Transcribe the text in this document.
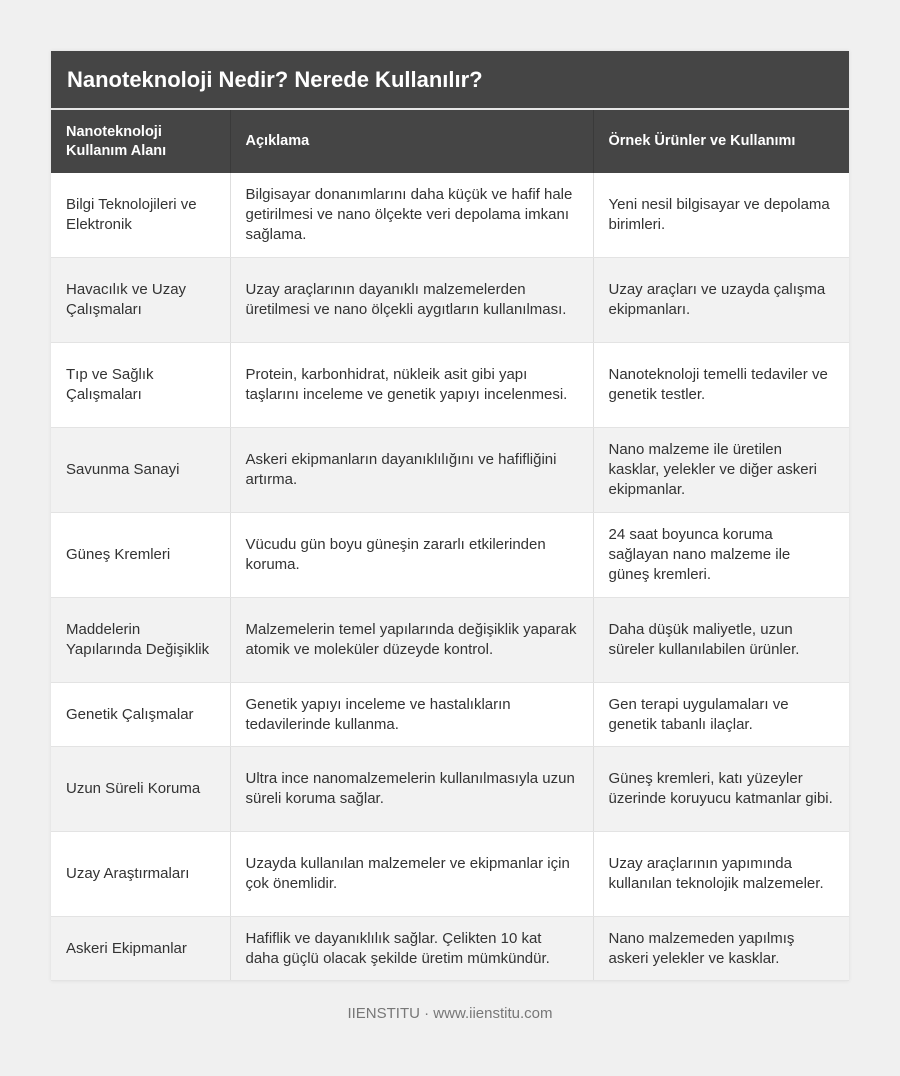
Nanoteknoloji Nedir? Nerede Kullanılır?
Nanoteknoloji Kullanım Alanı	Açıklama	Örnek Ürünler ve Kullanımı
Bilgi Teknolojileri ve Elektronik	Bilgisayar donanımlarını daha küçük ve hafif hale getirilmesi ve nano ölçekte veri depolama imkanı sağlama.	Yeni nesil bilgisayar ve depolama birimleri.
Havacılık ve Uzay Çalışmaları	Uzay araçlarının dayanıklı malzemelerden üretilmesi ve nano ölçekli aygıtların kullanılması.	Uzay araçları ve uzayda çalışma ekipmanları.
Tıp ve Sağlık Çalışmaları	Protein, karbonhidrat, nükleik asit gibi yapı taşlarını inceleme ve genetik yapıyı incelenmesi.	Nanoteknoloji temelli tedaviler ve genetik testler.
Savunma Sanayi	Askeri ekipmanların dayanıklılığını ve hafifliğini artırma.	Nano malzeme ile üretilen kasklar, yelekler ve diğer askeri ekipmanlar.
Güneş Kremleri	Vücudu gün boyu güneşin zararlı etkilerinden koruma.	24 saat boyunca koruma sağlayan nano malzeme ile güneş kremleri.
Maddelerin Yapılarında Değişiklik	Malzemelerin temel yapılarında değişiklik yaparak atomik ve moleküler düzeyde kontrol.	Daha düşük maliyetle, uzun süreler kullanılabilen ürünler.
Genetik Çalışmalar	Genetik yapıyı inceleme ve hastalıkların tedavilerinde kullanma.	Gen terapi uygulamaları ve genetik tabanlı ilaçlar.
Uzun Süreli Koruma	Ultra ince nanomalzemelerin kullanılmasıyla uzun süreli koruma sağlar.	Güneş kremleri, katı yüzeyler üzerinde koruyucu katmanlar gibi.
Uzay Araştırmaları	Uzayda kullanılan malzemeler ve ekipmanlar için çok önemlidir.	Uzay araçlarının yapımında kullanılan teknolojik malzemeler.
Askeri Ekipmanlar	Hafiflik ve dayanıklılık sağlar. Çelikten 10 kat daha güçlü olacak şekilde üretim mümkündür.	Nano malzemeden yapılmış askeri yelekler ve kasklar.
IIENSTITU · www.iienstitu.com
